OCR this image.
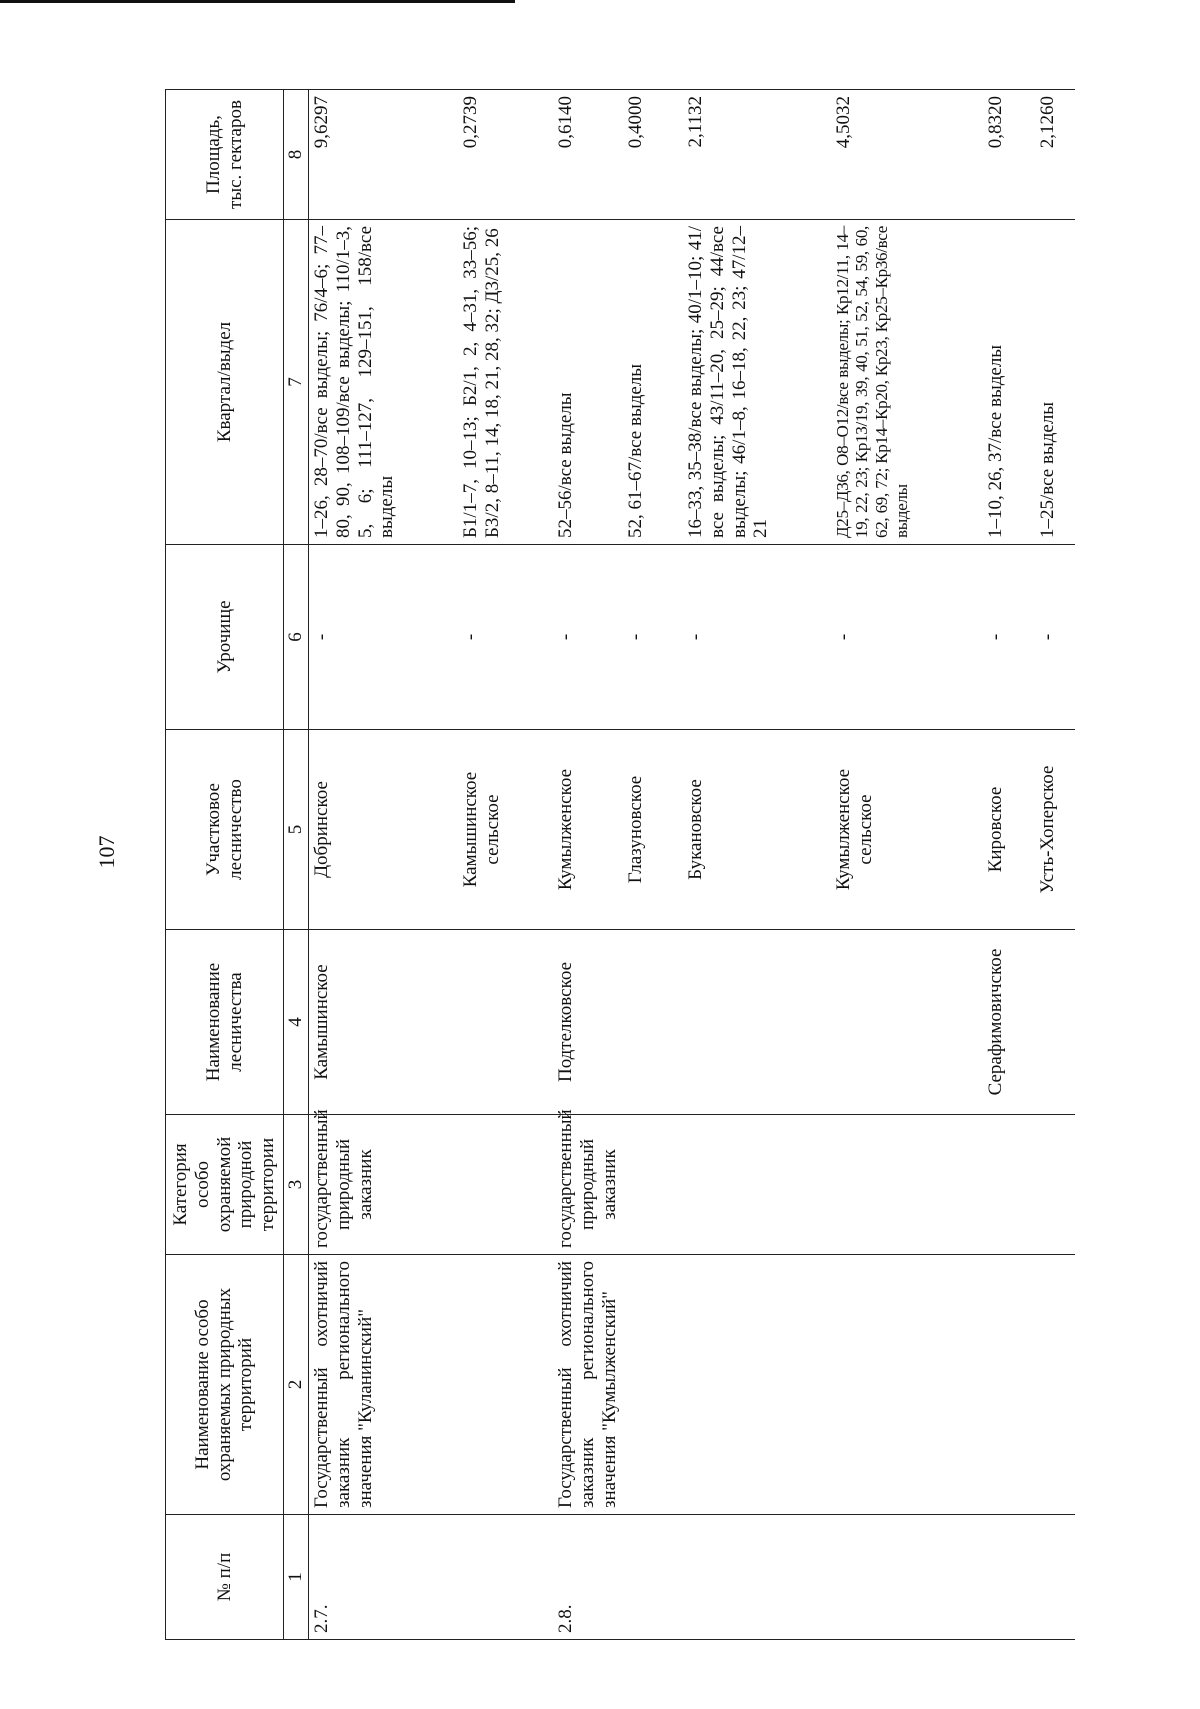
107
№ п/п	Наименование особо охраняемых природных территорий	Категория особо охраняемой природной территории	Наименование лесничества	Участковое лесничество	Урочище	Квартал/выдел	Площадь, тыс. гектаров
1	2	3	4	5	6	7	8
2.7.	Государственный охотничий заказник регионального значения "Куланинский"	государственный природный заказник	Камышинское	Добринское	-	1–26, 28–70/все выделы; 76/4–6; 77–80, 90, 108–109/все выделы; 110/1–3, 5, 6; 111–127, 129–151, 158/все выделы	9,6297
				Камышинское сельское	-	Б1/1–7, 10–13; Б2/1, 2, 4–31, 33–56; Б3/2, 8–11, 14, 18, 21, 28, 32; Д3/25, 26	0,2739
2.8.	Государственный охотничий заказник регионального значения "Кумылженский"	государственный природный заказник	Подтелковское	Кумылженское	-	52–56/все выделы	0,6140
				Глазуновское	-	52, 61–67/все выделы	0,4000
				Букановское	-	16–33, 35–38/все выделы; 40/1–10; 41/все выделы; 43/11–20, 25–29; 44/все выделы; 46/1–8, 16–18, 22, 23; 47/12–21	2,1132
				Кумылженское сельское	-	Д25–Д36, О8–О12/все выделы; Кр12/11, 14–19, 22, 23; Кр13/19, 39, 40, 51, 52, 54, 59, 60, 62, 69, 72; Кр14–Кр20, Кр23, Кр25–Кр36/все выделы	4,5032
			Серафимовичское	Кировское	-	1–10, 26, 37/все выделы	0,8320
				Усть-Хоперское	-	1–25/все выделы	2,1260
